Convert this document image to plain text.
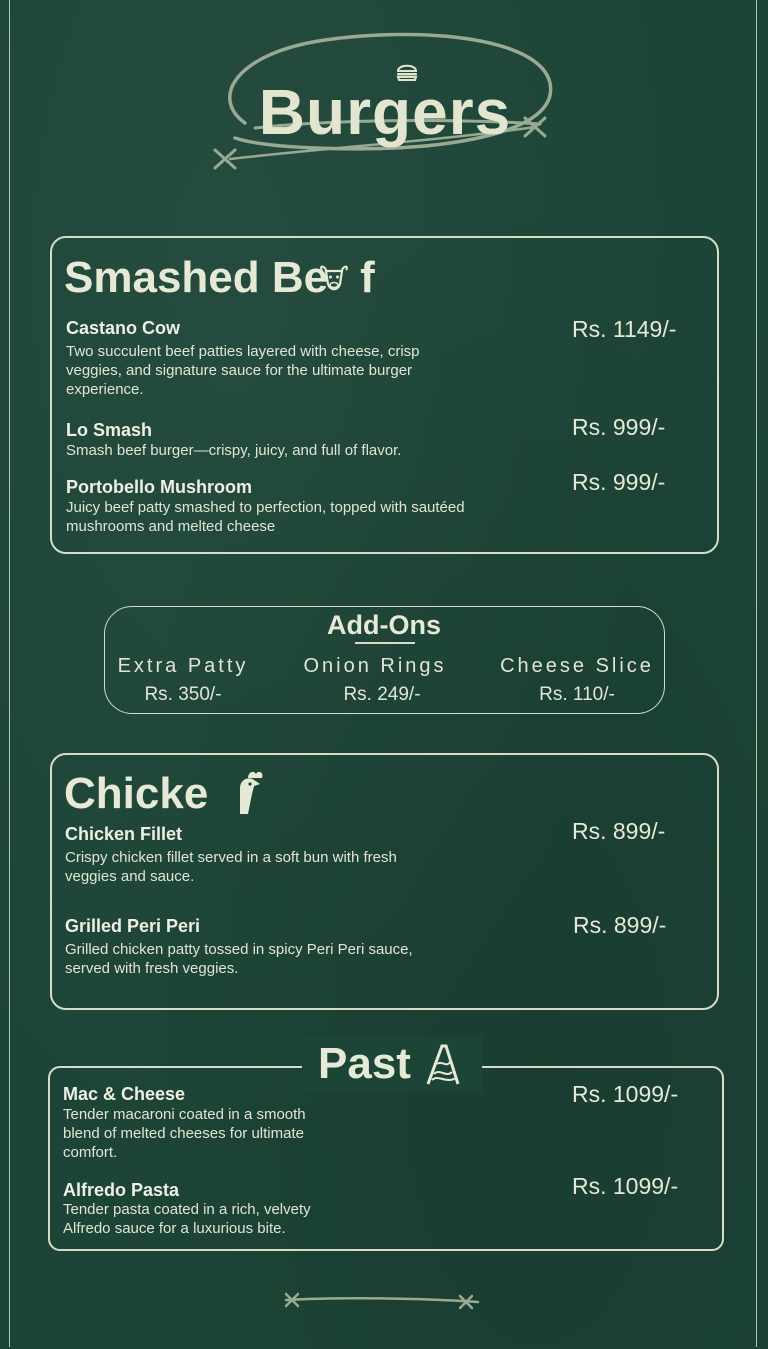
Burgers
Smashed Be f
Castano Cow
Two succulent beef patties layered with cheese, crisp veggies, and signature sauce for the ultimate burger experience.
Rs. 1149/-
Lo Smash
Smash beef burger—crispy, juicy, and full of flavor.
Rs. 999/-
Portobello Mushroom
Juicy beef patty smashed to perfection, topped with sautéed mushrooms and melted cheese
Rs. 999/-
Add-Ons
Extra Patty
Rs. 350/-
Onion Rings
Rs. 249/-
Cheese Slice
Rs. 110/-
Chicke
Chicken Fillet
Crispy chicken fillet served in a soft bun with fresh veggies and sauce.
Rs. 899/-
Grilled Peri Peri
Grilled chicken patty tossed in spicy Peri Peri sauce, served with fresh veggies.
Rs. 899/-
Past
Mac & Cheese
Tender macaroni coated in a smooth blend of melted cheeses for ultimate comfort.
Rs. 1099/-
Alfredo Pasta
Tender pasta coated in a rich, velvety Alfredo sauce for a luxurious bite.
Rs. 1099/-
